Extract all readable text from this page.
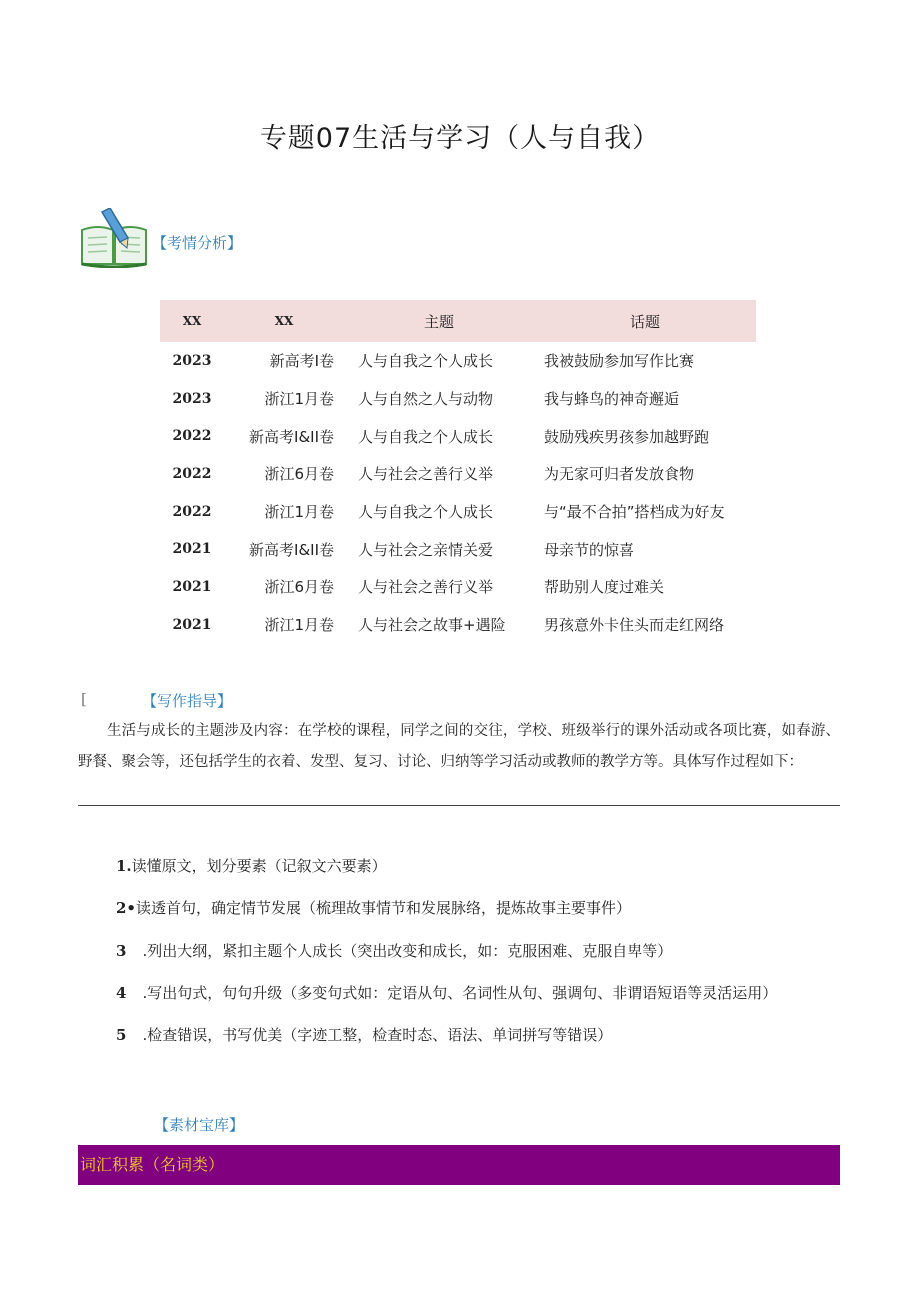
专题07生活与学习（人与自我）
【考情分析】
XX	XX	主题	话题
2023	新高考I卷	人与自我之个人成长	我被鼓励参加写作比赛
2023	浙江1月卷	人与自然之人与动物	我与蜂鸟的神奇邂逅
2022	新高考I&II卷	人与自我之个人成长	鼓励残疾男孩参加越野跑
2022	浙江6月卷	人与社会之善行义举	为无家可归者发放食物
2022	浙江1月卷	人与自我之个人成长	与“最不合拍”搭档成为好友
2021	新高考I&II卷	人与社会之亲情关爱	母亲节的惊喜
2021	浙江6月卷	人与社会之善行义举	帮助别人度过难关
2021	浙江1月卷	人与社会之故事+遇险	男孩意外卡住头而走红网络
[	【写作指导】
生活与成长的主题涉及内容：在学校的课程，同学之间的交往，学校、班级举行的课外活动或各项比赛，如春游、野餐、聚会等，还包括学生的衣着、发型、复习、讨论、归纳等学习活动或教师的教学方等。具体写作过程如下：
1.读懂原文，划分要素（记叙文六要素）
2•读透首句，确定情节发展（梳理故事情节和发展脉络，提炼故事主要事件）
3 .列出大纲，紧扣主题个人成长（突出改变和成长，如：克服困难、克服自卑等）
4 .写出句式，句句升级（多变句式如：定语从句、名词性从句、强调句、非谓语短语等灵活运用）
5 .检查错误，书写优美（字迹工整，检查时态、语法、单词拼写等错误）
【素材宝库】
词汇积累（名词类）
